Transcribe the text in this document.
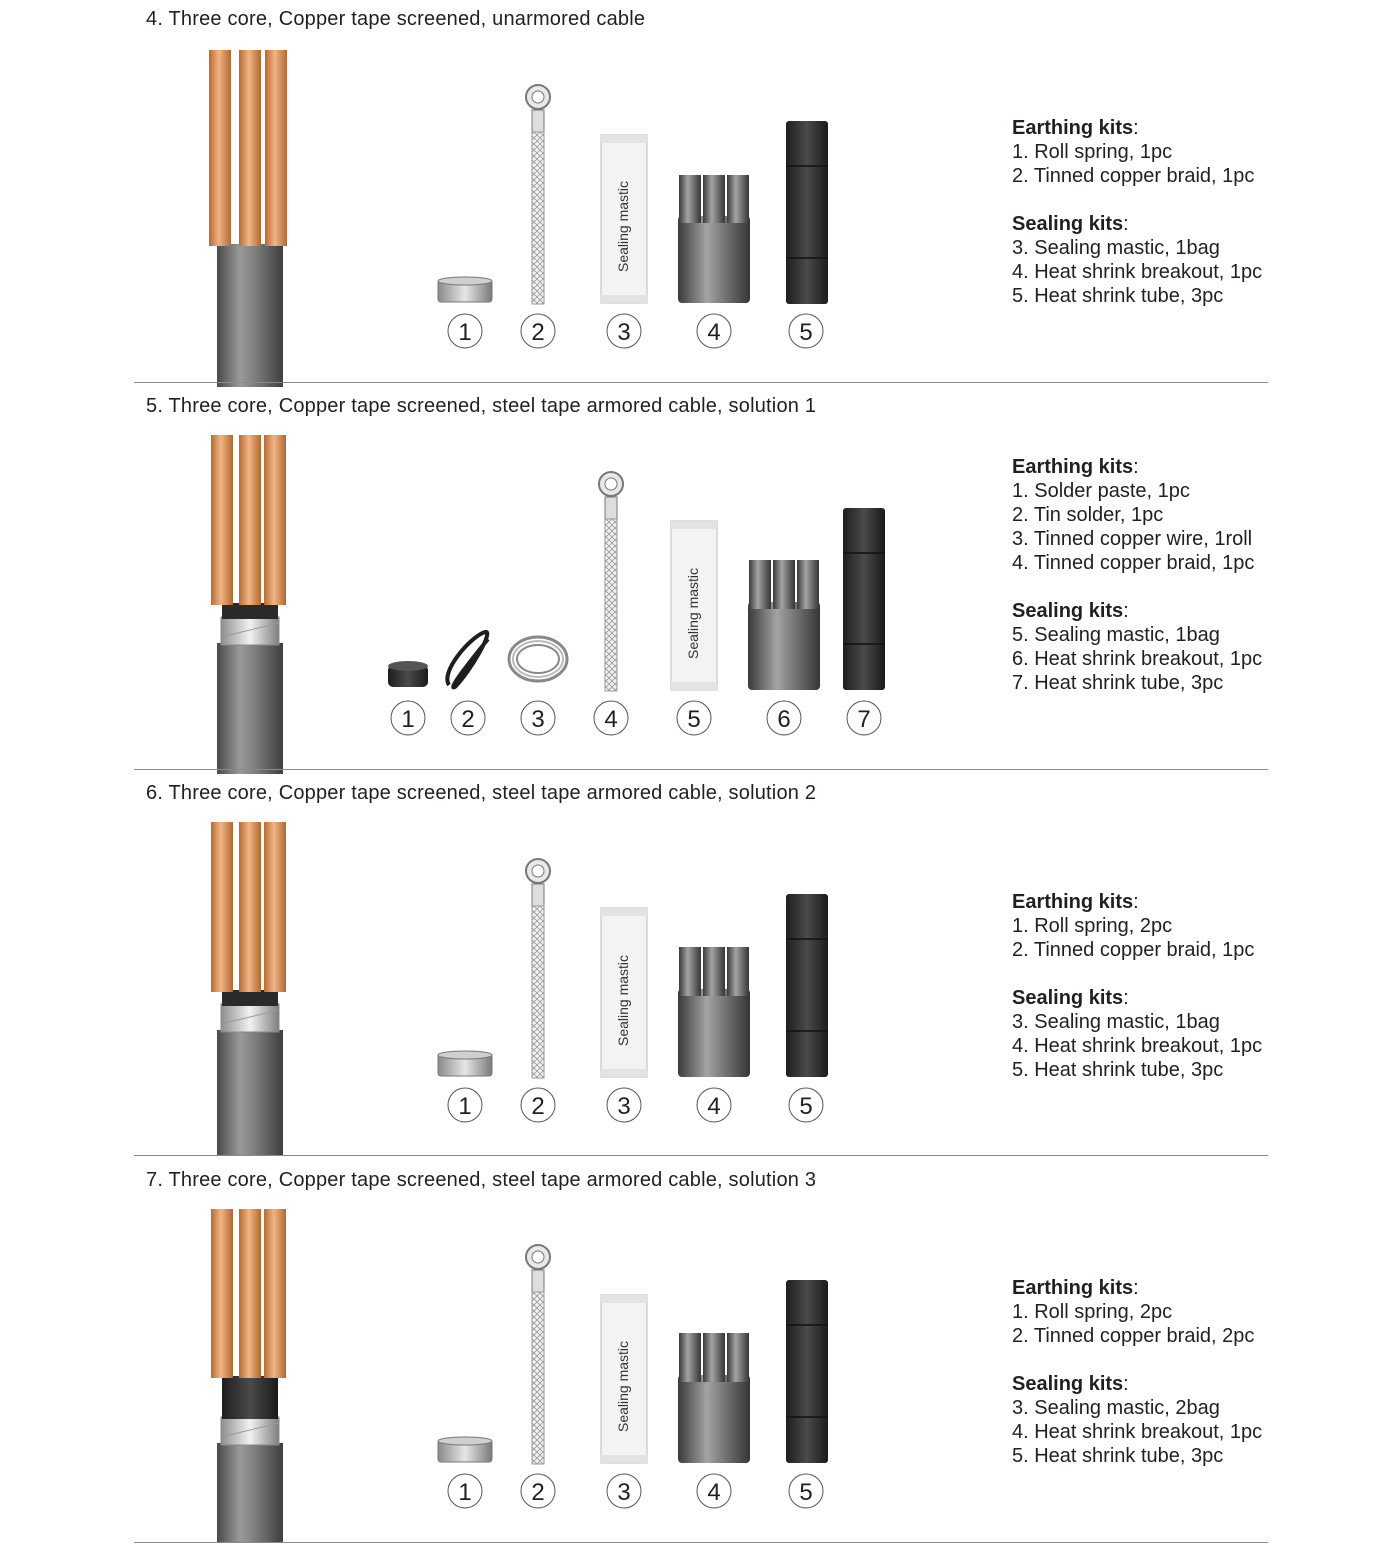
4. Three core, Copper tape screened, unarmored cable
1 2	3	4	5
Sealing mastic
Earthing kits:
1. Roll spring, 1pc
2. Tinned copper braid, 1pc
Sealing kits:
3. Sealing mastic, 1bag
4. Heat shrink breakout, 1pc
5. Heat shrink tube, 3pc
5. Three core, Copper tape screened, steel tape armored cable, solution 1
1 2 3 4	5	6	7
Sealing mastic
Earthing kits:
1. Solder paste, 1pc
2. Tin solder, 1pc
3. Tinned copper wire, 1roll
4. Tinned copper braid, 1pc
Sealing kits:
5. Sealing mastic, 1bag
6. Heat shrink breakout, 1pc
7. Heat shrink tube, 3pc
6. Three core, Copper tape screened, steel tape armored cable, solution 2
1 2	3	4	5
Sealing mastic
Earthing kits:
1. Roll spring, 2pc
2. Tinned copper braid, 1pc
Sealing kits:
3. Sealing mastic, 1bag
4. Heat shrink breakout, 1pc
5. Heat shrink tube, 3pc
7. Three core, Copper tape screened, steel tape armored cable, solution 3
1 2	3	4	5
Sealing mastic
Earthing kits:
1. Roll spring, 2pc
2. Tinned copper braid, 2pc
Sealing kits:
3. Sealing mastic, 2bag
4. Heat shrink breakout, 1pc
5. Heat shrink tube, 3pc
